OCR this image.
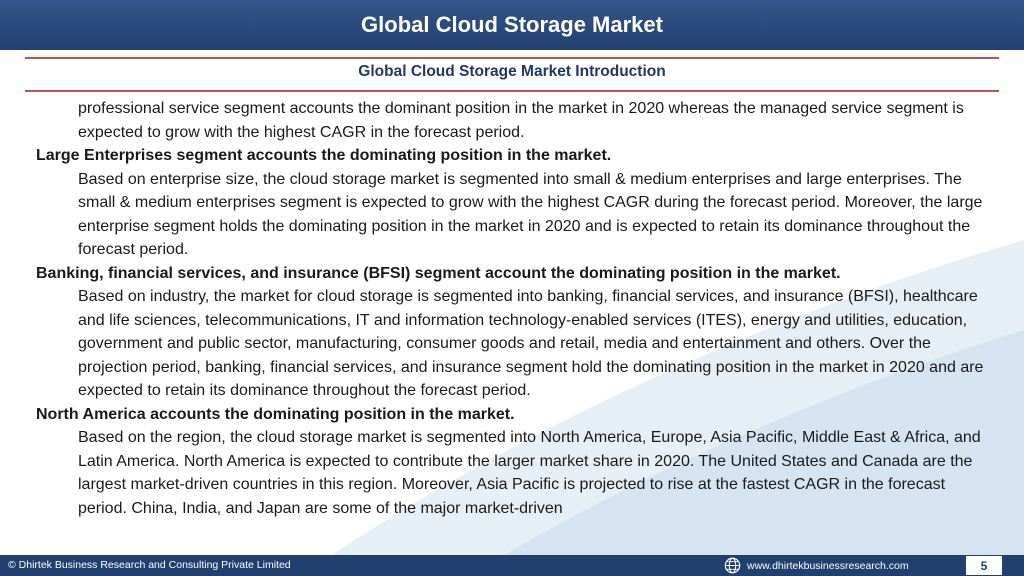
Global Cloud Storage Market
Global Cloud Storage Market Introduction

professional service segment accounts the dominant position in the market in 2020 whereas the managed service segment is expected to grow with the highest CAGR in the forecast period.

Large Enterprises segment accounts the dominating position in the market.

Based on enterprise size, the cloud storage market is segmented into small & medium enterprises and large enterprises. The small & medium enterprises segment is expected to grow with the highest CAGR during the forecast period. Moreover, the large enterprise segment holds the dominating position in the market in 2020 and is expected to retain its dominance throughout the forecast period.

Banking, financial services, and insurance (BFSI) segment account the dominating position in the market.

Based on industry, the market for cloud storage is segmented into banking, financial services, and insurance (BFSI), healthcare and life sciences, telecommunications, IT and information technology-enabled services (ITES), energy and utilities, education, government and public sector, manufacturing, consumer goods and retail, media and entertainment and others. Over the projection period, banking, financial services, and insurance segment hold the dominating position in the market in 2020 and are expected to retain its dominance throughout the forecast period.

North America accounts the dominating position in the market.

Based on the region, the cloud storage market is segmented into North America, Europe, Asia Pacific, Middle East & Africa, and Latin America. North America is expected to contribute the larger market share in 2020. The United States and Canada are the largest market-driven countries in this region. Moreover, Asia Pacific is projected to rise at the fastest CAGR in the forecast period. China, India, and Japan are some of the major market-driven

© Dhirtek Business Research and Consulting Private Limited	www.dhirtekbusinessresearch.com	5
